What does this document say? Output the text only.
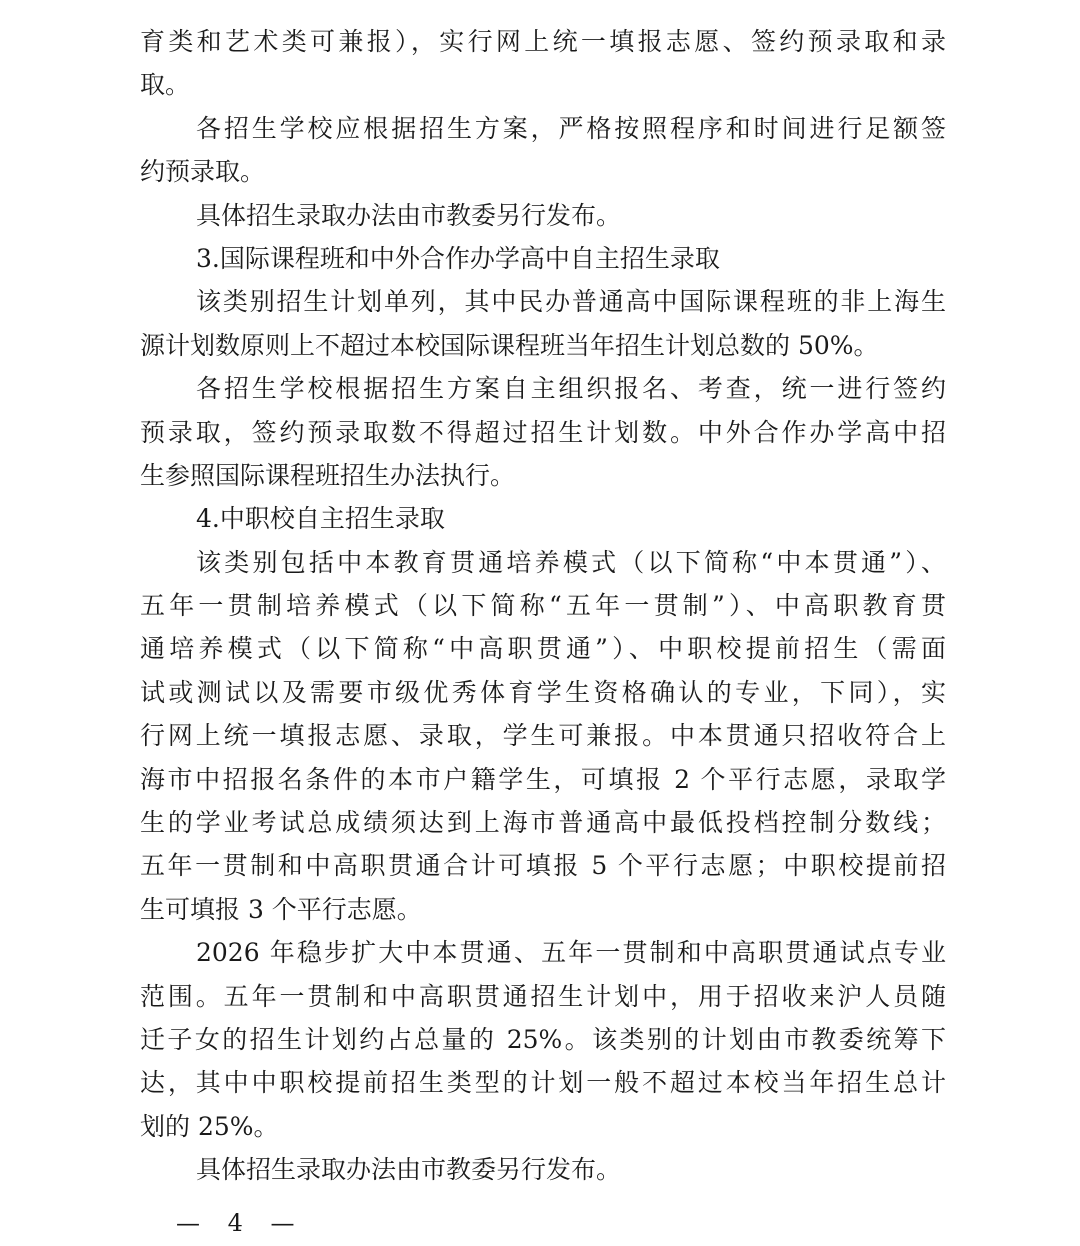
育类和艺术类可兼报），实行网上统一填报志愿、签约预录取和录
取。
各招生学校应根据招生方案，严格按照程序和时间进行足额签
约预录取。
具体招生录取办法由市教委另行发布。
3.国际课程班和中外合作办学高中自主招生录取
该类别招生计划单列，其中民办普通高中国际课程班的非上海生
源计划数原则上不超过本校国际课程班当年招生计划总数的 50%。
各招生学校根据招生方案自主组织报名、考查，统一进行签约
预录取，签约预录取数不得超过招生计划数。中外合作办学高中招
生参照国际课程班招生办法执行。
4.中职校自主招生录取
该类别包括中本教育贯通培养模式（以下简称“中本贯通”）、
五年一贯制培养模式（以下简称“五年一贯制”）、中高职教育贯
通培养模式（以下简称“中高职贯通”）、中职校提前招生（需面
试或测试以及需要市级优秀体育学生资格确认的专业，下同），实
行网上统一填报志愿、录取，学生可兼报。中本贯通只招收符合上
海市中招报名条件的本市户籍学生，可填报 2 个平行志愿，录取学
生的学业考试总成绩须达到上海市普通高中最低投档控制分数线；
五年一贯制和中高职贯通合计可填报 5 个平行志愿；中职校提前招
生可填报 3 个平行志愿。
2026 年稳步扩大中本贯通、五年一贯制和中高职贯通试点专业
范围。五年一贯制和中高职贯通招生计划中，用于招收来沪人员随
迁子女的招生计划约占总量的 25%。该类别的计划由市教委统筹下
达，其中中职校提前招生类型的计划一般不超过本校当年招生总计
划的 25%。
具体招生录取办法由市教委另行发布。
— 4 —
